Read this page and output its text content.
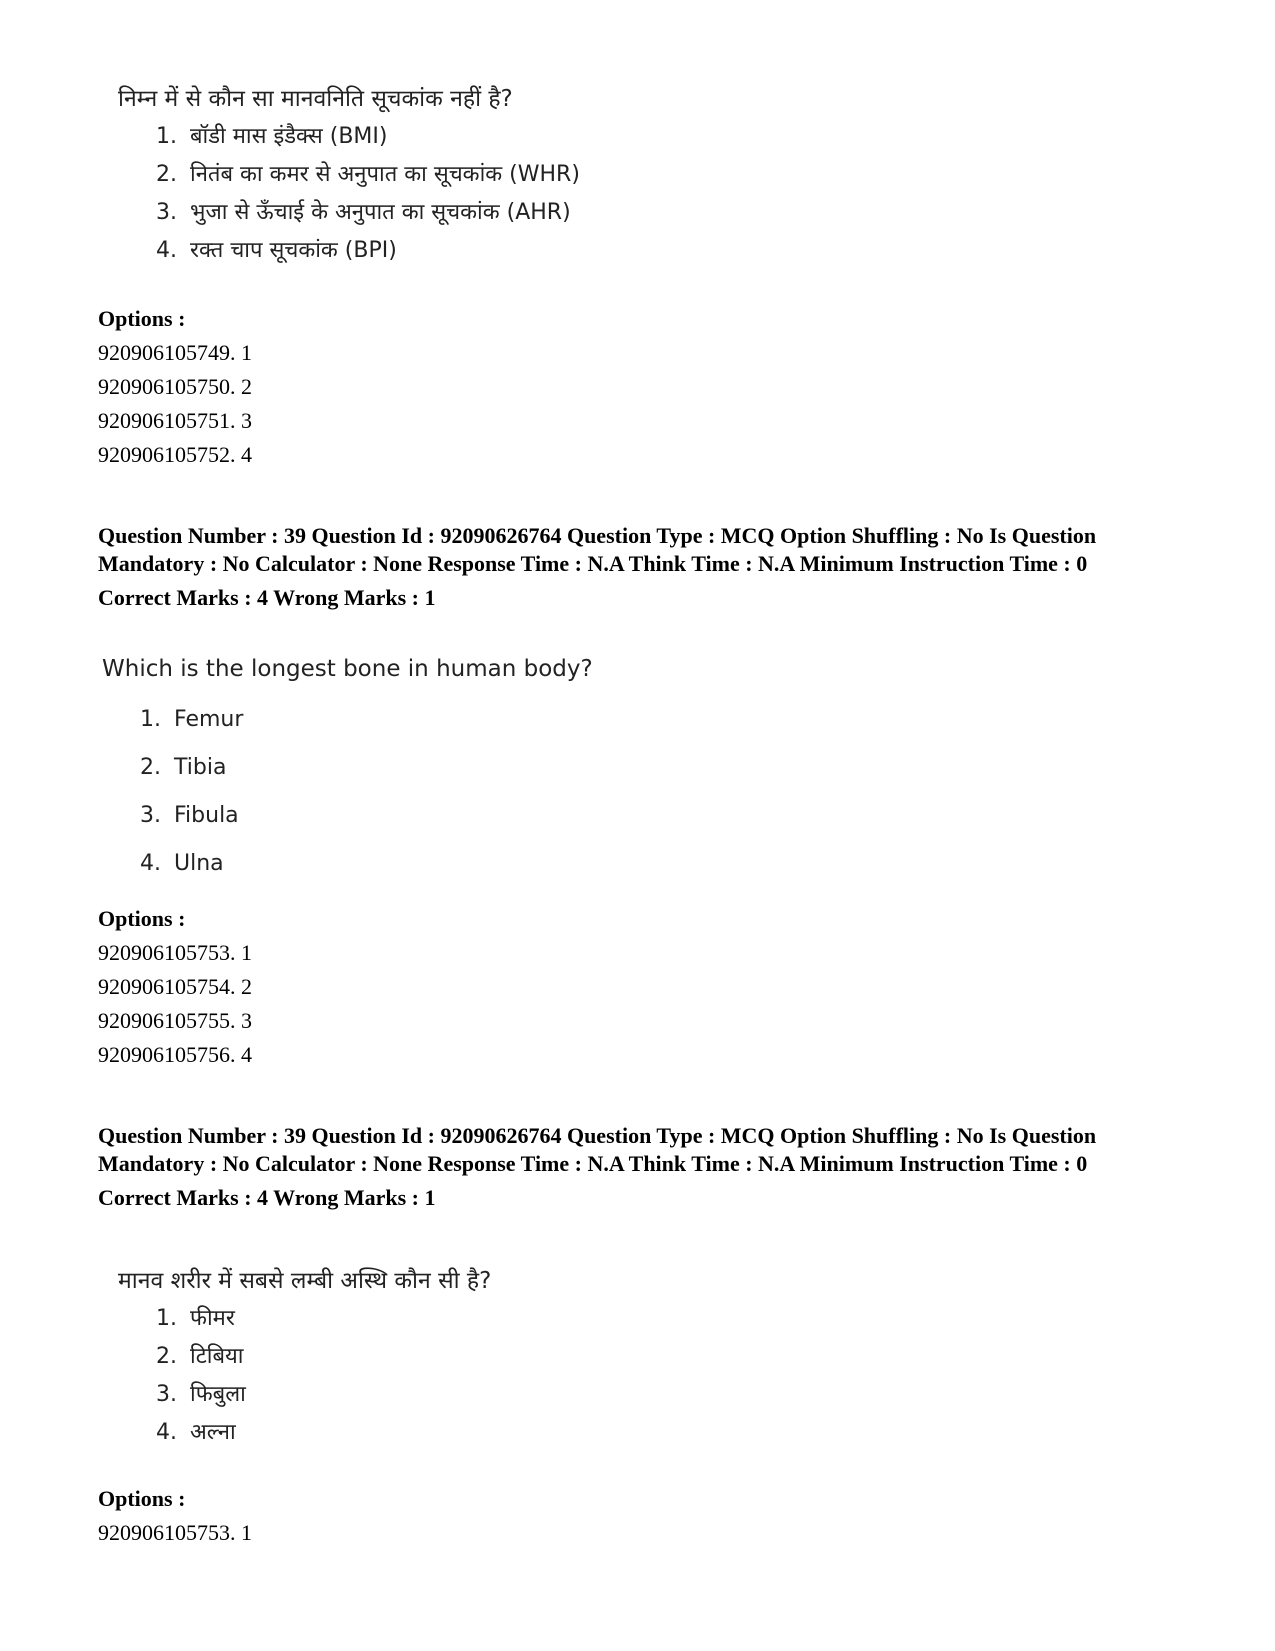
निम्न में से कौन सा मानवनिति सूचकांक नहीं है?
1. बॉडी मास इंडैक्स (BMI)
2. नितंब का कमर से अनुपात का सूचकांक (WHR)
3. भुजा से ऊँचाई के अनुपात का सूचकांक (AHR)
4. रक्त चाप सूचकांक (BPI)
Options :
920906105749. 1
920906105750. 2
920906105751. 3
920906105752. 4
Question Number : 39 Question Id : 92090626764 Question Type : MCQ Option Shuffling : No Is Question Mandatory : No Calculator : None Response Time : N.A Think Time : N.A Minimum Instruction Time : 0
Correct Marks : 4 Wrong Marks : 1
Which is the longest bone in human body?
1. Femur
2. Tibia
3. Fibula
4. Ulna
Options :
920906105753. 1
920906105754. 2
920906105755. 3
920906105756. 4
Question Number : 39 Question Id : 92090626764 Question Type : MCQ Option Shuffling : No Is Question Mandatory : No Calculator : None Response Time : N.A Think Time : N.A Minimum Instruction Time : 0
Correct Marks : 4 Wrong Marks : 1
मानव शरीर में सबसे लम्बी अस्थि कौन सी है?
1. फीमर
2. टिबिया
3. फिबुला
4. अल्ना
Options :
920906105753. 1
